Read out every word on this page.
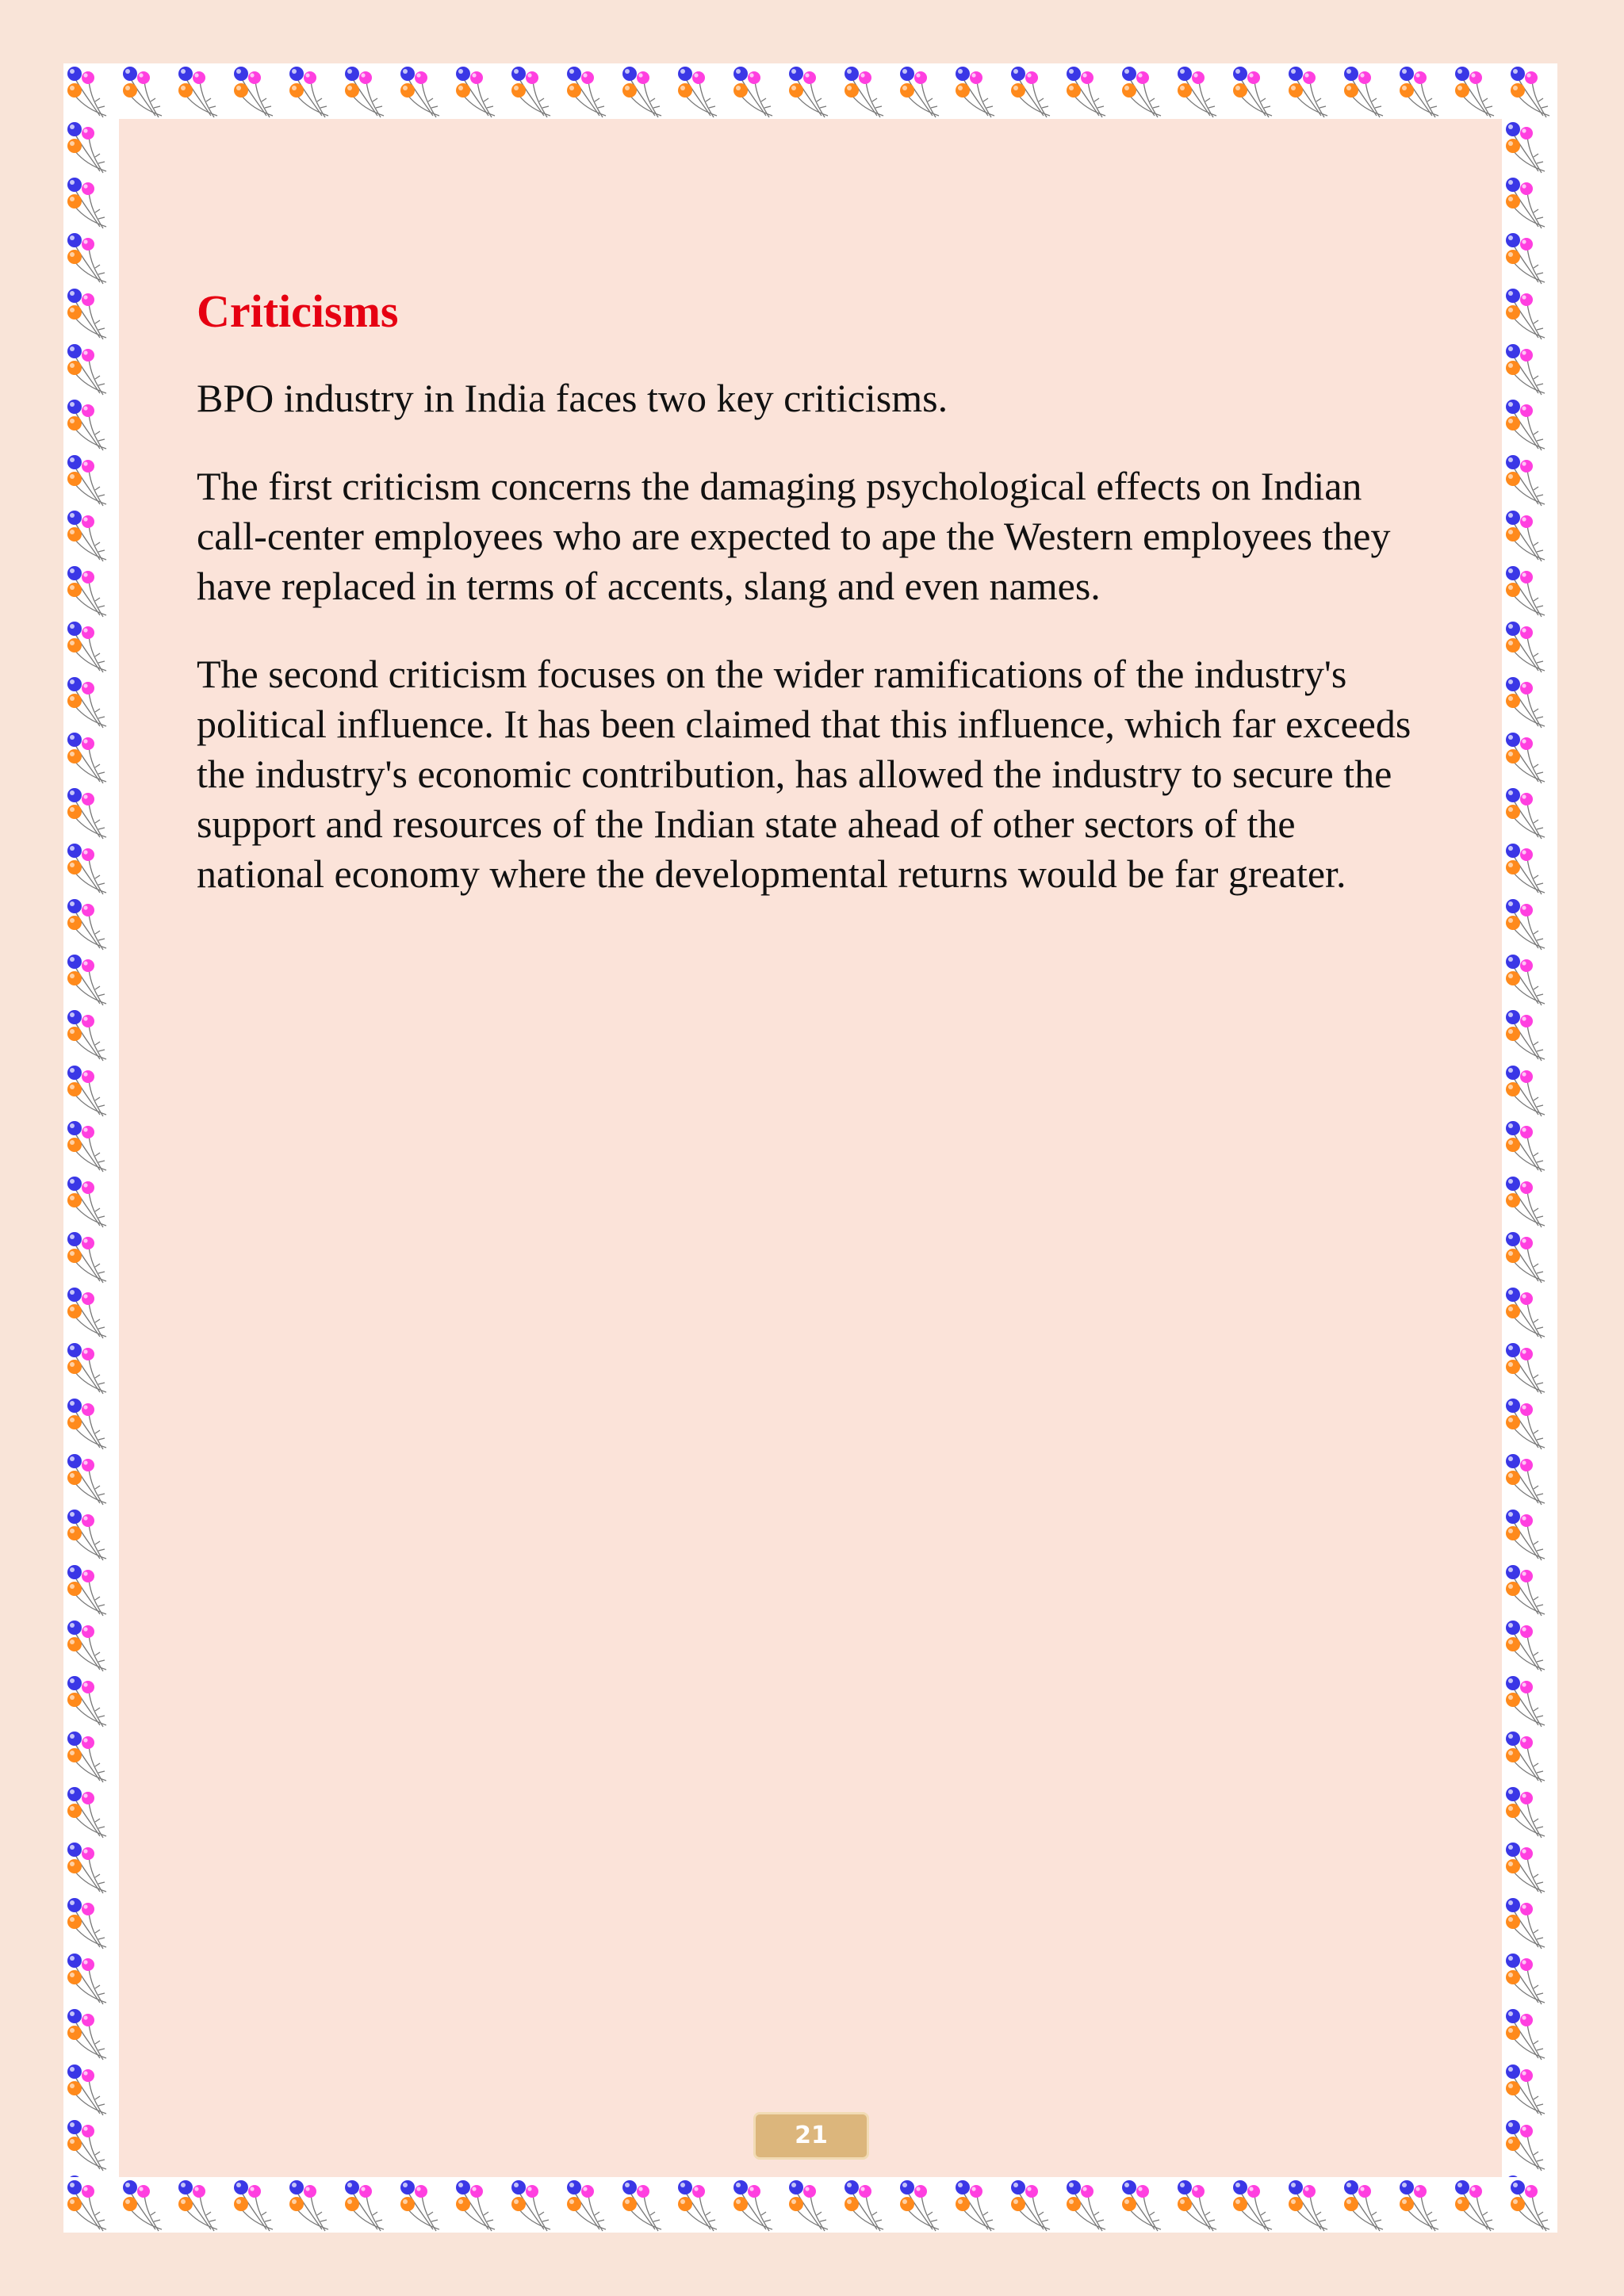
Criticisms

BPO industry in India faces two key criticisms.

The first criticism concerns the damaging psychological effects on Indian call-center employees who are expected to ape the Western employees they have replaced in terms of accents, slang and even names.

The second criticism focuses on the wider ramifications of the industry's political influence. It has been claimed that this influence, which far exceeds the industry's economic contribution, has allowed the industry to secure the support and resources of the Indian state ahead of other sectors of the national economy where the developmental returns would be far greater.

21
